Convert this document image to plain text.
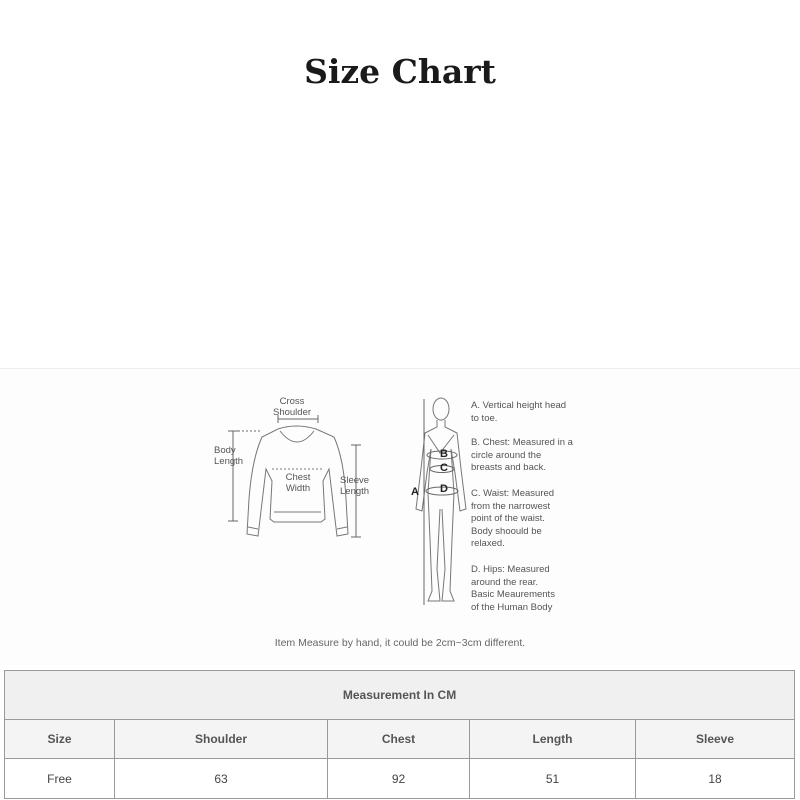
Size Chart
Cross
Shoulder
Body
Length
Chest
Width
Sleeve
Length	A
B
C
D
A. Vertical height head
to toe.
B. Chest: Measured in a
circle around the
breasts and back.
C. Waist: Measured
from the narrowest
point of the waist.
Body shoould be
relaxed.
D. Hips: Measured
around the rear.
Basic Meaurements
of the Human Body
Item Measure by hand, it could be 2cm~3cm different.
Measurement In CM				
Size	Shoulder	Chest	Length	Sleeve
Free	63	92	51	18
